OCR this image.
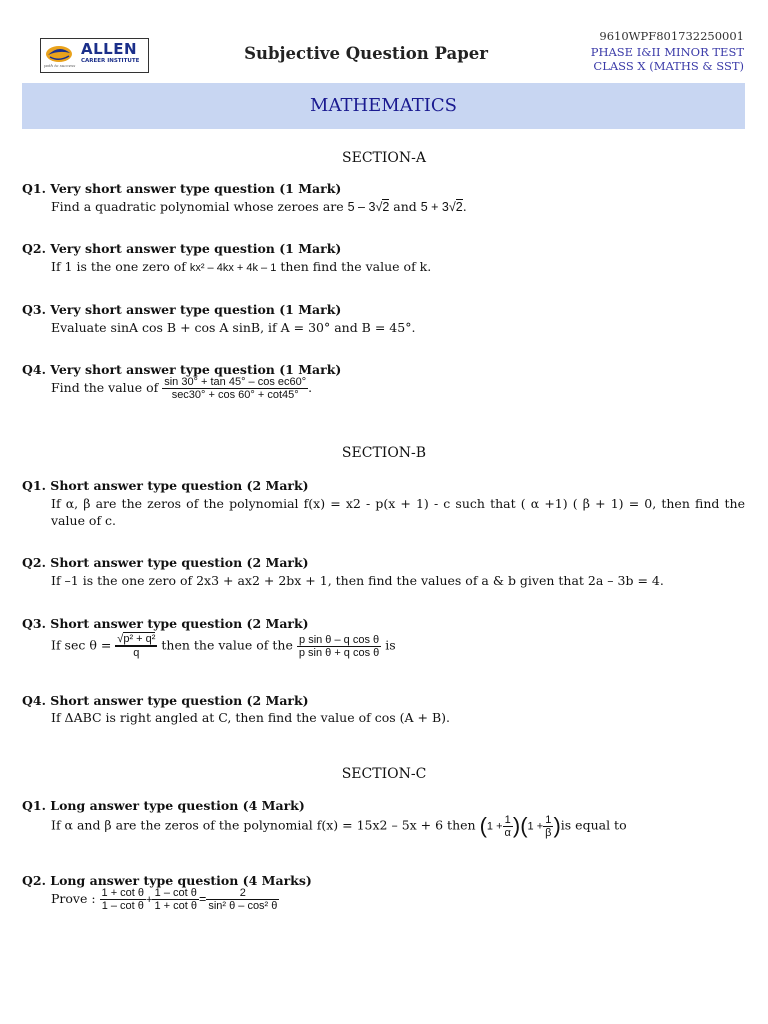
ALLEN
CAREER INSTITUTE
path to success
Subjective Question Paper
9610WPF801732250001
PHASE I&II MINOR TEST
CLASS X (MATHS & SST)
MATHEMATICS
SECTION-A
Q1. Very short answer type question (1 Mark)
Find a quadratic polynomial whose zeroes are 5 – 3√2 and 5 + 3√2.
Q2. Very short answer type question (1 Mark)
If 1 is the one zero of kx² – 4kx + 4k – 1 then find the value of k.
Q3. Very short answer type question (1 Mark)
Evaluate sinA cos B + cos A sinB, if A = 30° and B = 45°.
Q4. Very short answer type question (1 Mark)
Find the value of $\frac{\text{sin 30° + tan 45° – cos ec60°}}{\sec 30^\circ + \cos 60^\circ + \cot 45^\circ}$ .
SECTION-B
Q1. Short answer type question (2 Mark)
If α, β are the zeros of the polynomial f(x) = x2 - p(x + 1) - c such that ( α +1) ( β + 1) = 0, then find the value of c.
Q2. Short answer type question (2 Mark)
If –1 is the one zero of 2x3 + ax2 + 2bx + 1, then find the values of a & b given that 2a – 3b = 4.
Q3. Short answer type question (2 Mark)
If $\sec \theta = \frac{\text{√p² + q²}}{q}$ then the value of the $\frac{\text{p sin θ – q cos θ}}{\text{p sin θ + q cos θ}}$ is
Q4. Short answer type question (2 Mark)
If ΔABC is right angled at C, then find the value of cos (A + B).
SECTION-C
Q1. Long answer type question (4 Mark)
If α and β are the zeros of the polynomial f(x) = 15x2 – 5x + 6 then $(1 + \frac{1}{\alpha} )(1 + \frac{1}{\beta} )is$ equal to
Q2. Long answer type question (4 Marks)
Prove : $\frac{\text{1 + cot θ}}{\text{1 – cot θ}} + \frac{\text{1 – cot θ}}{\text{1 + cot θ}} = \frac{2}{\text{sin² θ – cos² θ}}$
